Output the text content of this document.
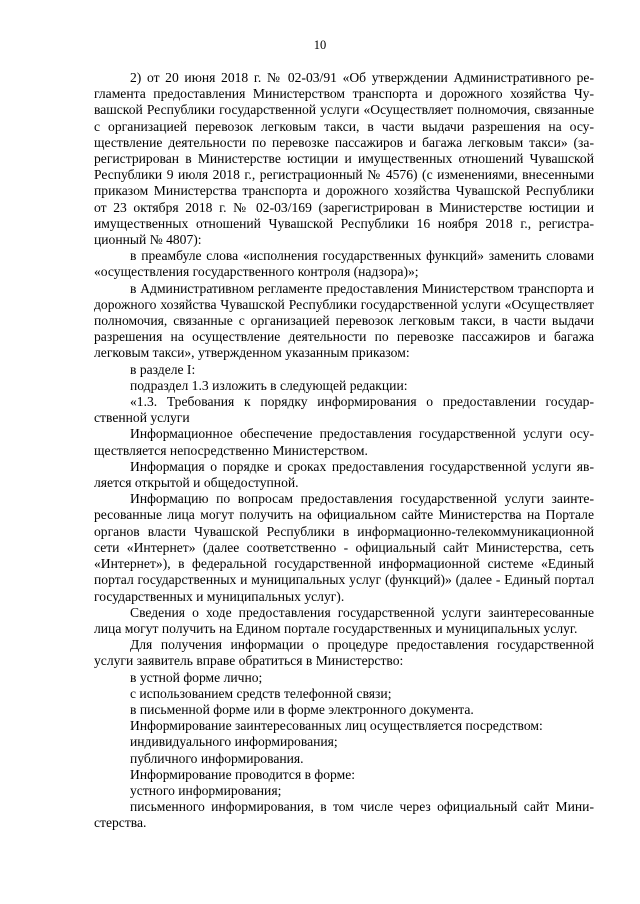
10

2) от 20 июня 2018 г. № 02-03/91 «Об утверждении Административного регламента предоставления Министерством транспорта и дорожного хозяйства Чувашской Республики государственной услуги «Осуществляет полномочия, связанные с организацией перевозок легковым такси, в части выдачи разрешения на осуществление деятельности по перевозке пассажиров и багажа легковым такси» (зарегистрирован в Министерстве юстиции и имущественных отношений Чувашской Республики 9 июля 2018 г., регистрационный № 4576) (с изменениями, внесенными приказом Министерства транспорта и дорожного хозяйства Чувашской Республики от 23 октября 2018 г. № 02-03/169 (зарегистрирован в Министерстве юстиции и имущественных отношений Чувашской Республики 16 ноября 2018 г., регистрационный № 4807):

в преамбуле слова «исполнения государственных функций» заменить словами «осуществления государственного контроля (надзора)»;

в Административном регламенте предоставления Министерством транспорта и дорожного хозяйства Чувашской Республики государственной услуги «Осуществляет полномочия, связанные с организацией перевозок легковым такси, в части выдачи разрешения на осуществление деятельности по перевозке пассажиров и багажа легковым такси», утвержденном указанным приказом:

в разделе I:

подраздел 1.3 изложить в следующей редакции:

«1.3. Требования к порядку информирования о предоставлении государственной услуги

Информационное обеспечение предоставления государственной услуги осуществляется непосредственно Министерством.

Информация о порядке и сроках предоставления государственной услуги является открытой и общедоступной.

Информацию по вопросам предоставления государственной услуги заинтересованные лица могут получить на официальном сайте Министерства на Портале органов власти Чувашской Республики в информационно-телекоммуникационной сети «Интернет» (далее соответственно - официальный сайт Министерства, сеть «Интернет»), в федеральной государственной информационной системе «Единый портал государственных и муниципальных услуг (функций)» (далее - Единый портал государственных и муниципальных услуг).

Сведения о ходе предоставления государственной услуги заинтересованные лица могут получить на Едином портале государственных и муниципальных услуг.

Для получения информации о процедуре предоставления государственной услуги заявитель вправе обратиться в Министерство:

в устной форме лично;

с использованием средств телефонной связи;

в письменной форме или в форме электронного документа.

Информирование заинтересованных лиц осуществляется посредством:

индивидуального информирования;

публичного информирования.

Информирование проводится в форме:

устного информирования;

письменного информирования, в том числе через официальный сайт Министерства.
